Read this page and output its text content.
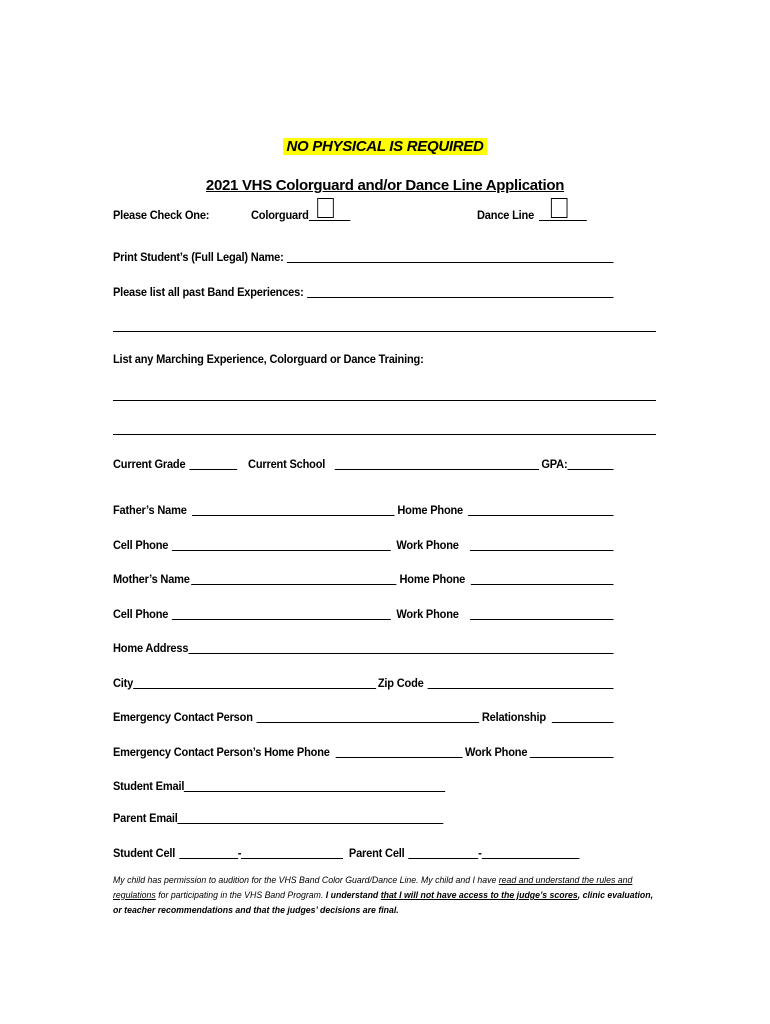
NO PHYSICAL IS REQUIRED
2021 VHS Colorguard and/or Dance Line Application
Please Check One:	Colorguard	Dance Line
Print Student’s (Full Legal) Name:
Please list all past Band Experiences:
List any Marching Experience, Colorguard or Dance Training:
Current Grade	Current School	GPA:
Father’s Name	Home Phone
Cell Phone	Work Phone
Mother’s Name	Home Phone
Cell Phone	Work Phone
Home Address
City	Zip Code
Emergency Contact Person	Relationship
Emergency Contact Person’s Home Phone	Work Phone
Student Email
Parent Email
Student Cell	-	Parent Cell	-
My child has permission to audition for the VHS Band Color Guard/Dance Line. My child and I have read and understand the rules and regulations for participating in the VHS Band Program. I understand that I will not have access to the judge’s scores, clinic evaluation, or teacher recommendations and that the judges’ decisions are final.
